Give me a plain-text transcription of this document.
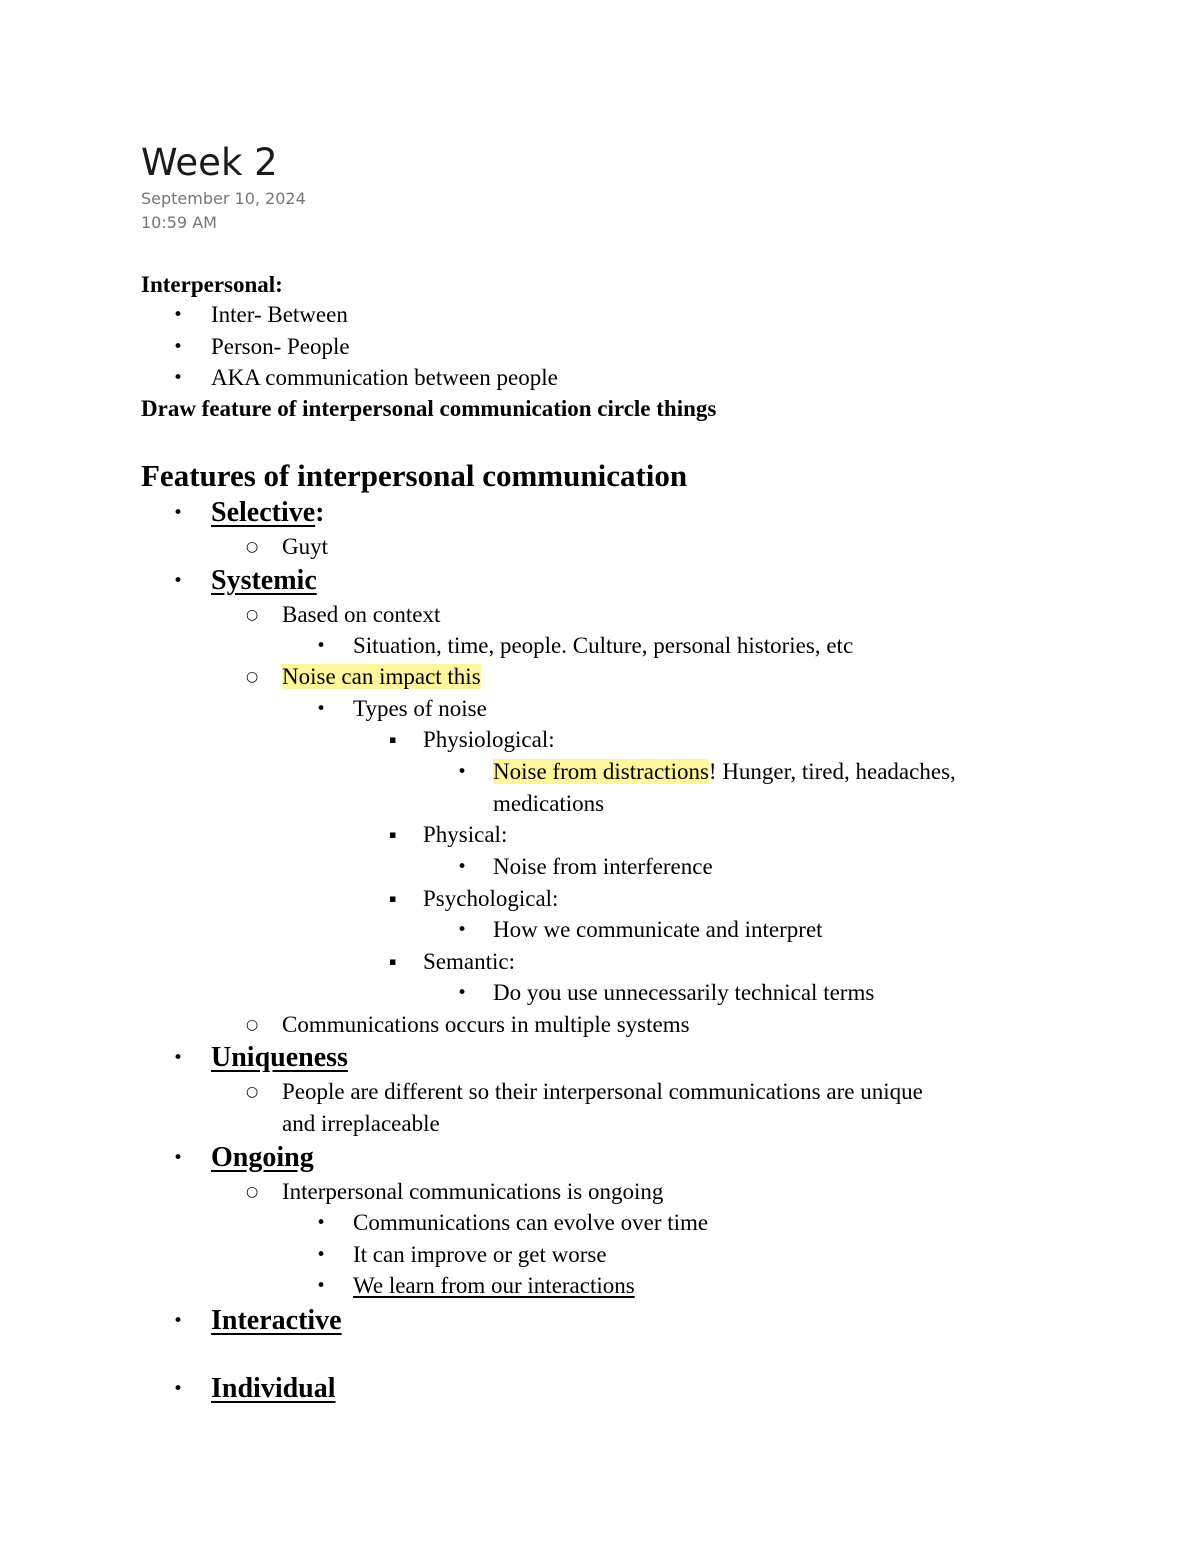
Week 2
September 10, 2024
10:59 AM
Interpersonal:
• Inter- Between
• Person- People
• AKA communication between people
Draw feature of interpersonal communication circle things
Features of interpersonal communication
• Selective:
○ Guyt
• Systemic
○ Based on context
• Situation, time, people. Culture, personal histories, etc
○ Noise can impact this
• Types of noise
▪ Physiological:
• Noise from distractions! Hunger, tired, headaches,
medications
▪ Physical:
• Noise from interference
▪ Psychological:
• How we communicate and interpret
▪ Semantic:
• Do you use unnecessarily technical terms
○ Communications occurs in multiple systems
• Uniqueness
○ People are different so their interpersonal communications are unique
and irreplaceable
• Ongoing
○ Interpersonal communications is ongoing
• Communications can evolve over time
• It can improve or get worse
• We learn from our interactions
• Interactive
• Individual
